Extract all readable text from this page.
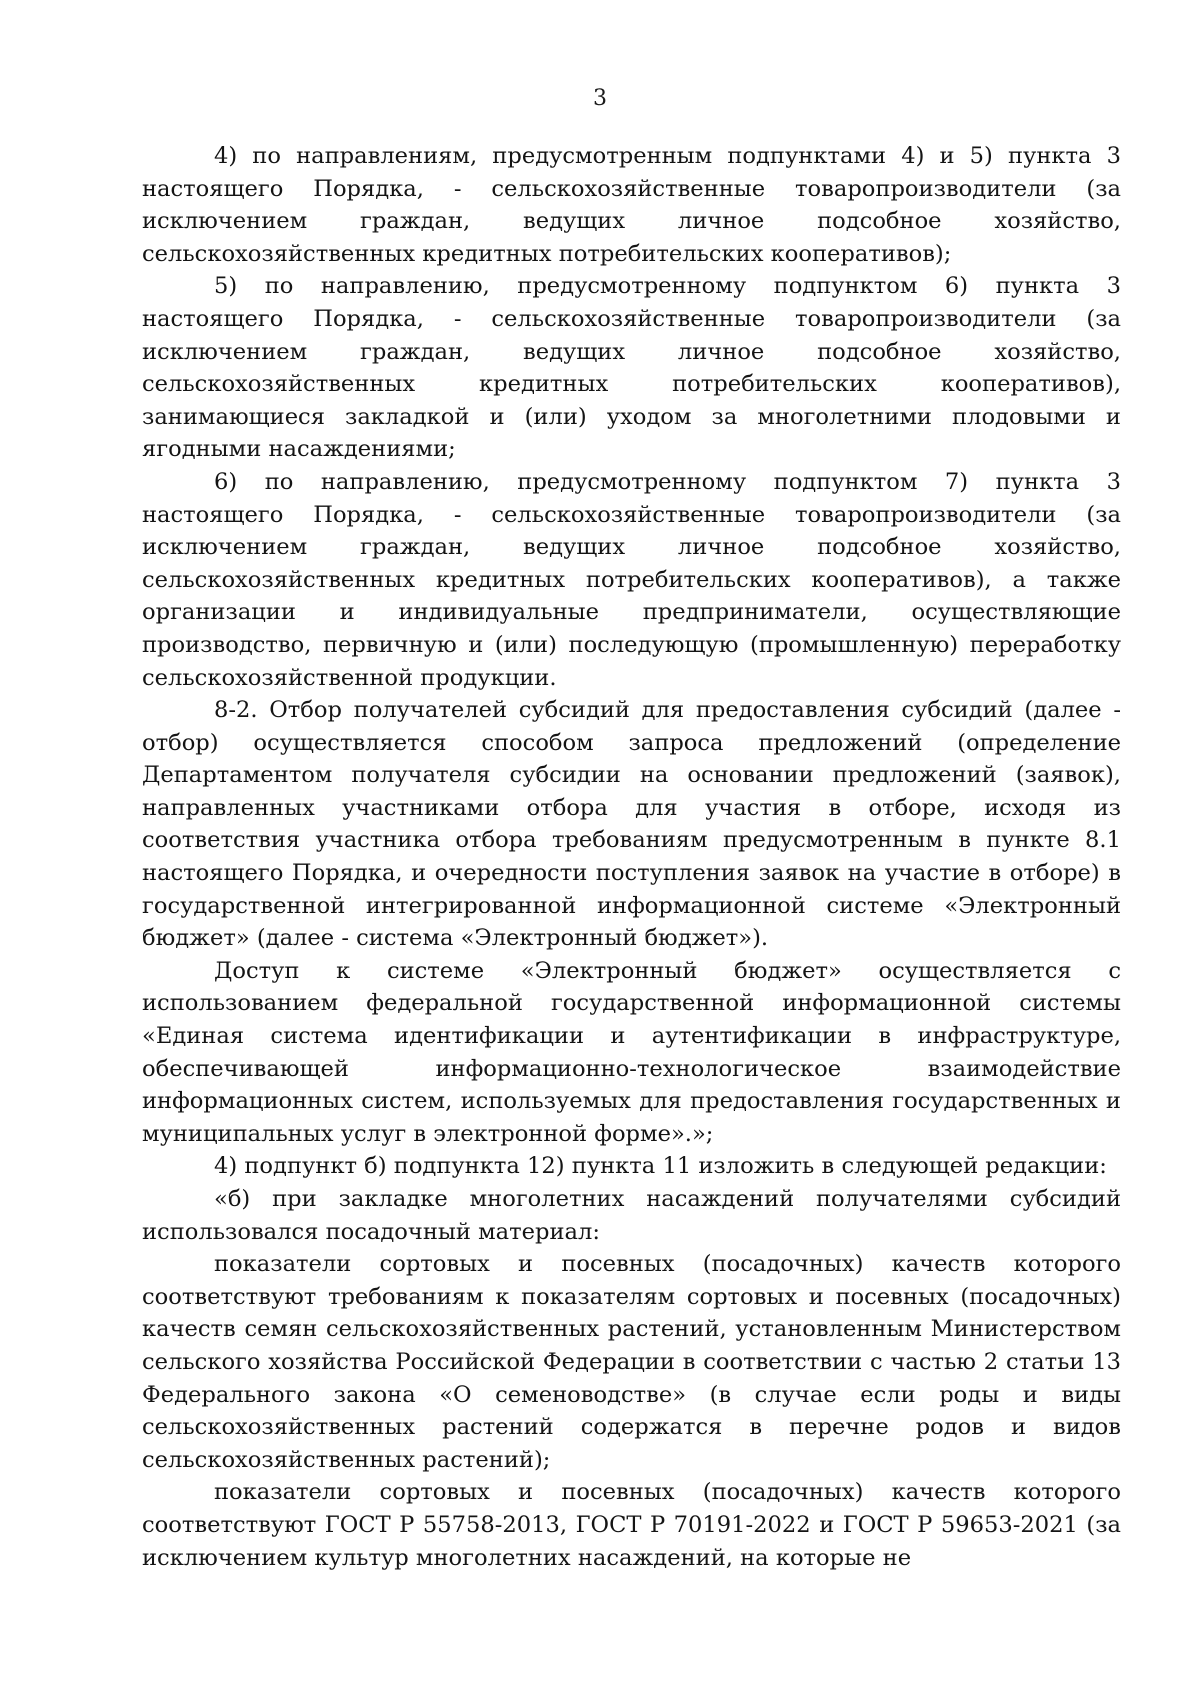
3

4) по направлениям, предусмотренным подпунктами 4) и 5) пункта 3 настоящего Порядка, - сельскохозяйственные товаропроизводители (за исключением граждан, ведущих личное подсобное хозяйство, сельскохозяйственных кредитных потребительских кооперативов);

5) по направлению, предусмотренному подпунктом 6) пункта 3 настоящего Порядка, - сельскохозяйственные товаропроизводители (за исключением граждан, ведущих личное подсобное хозяйство, сельскохозяйственных кредитных потребительских кооперативов), занимающиеся закладкой и (или) уходом за многолетними плодовыми и ягодными насаждениями;

6) по направлению, предусмотренному подпунктом 7) пункта 3 настоящего Порядка, - сельскохозяйственные товаропроизводители (за исключением граждан, ведущих личное подсобное хозяйство, сельскохозяйственных кредитных потребительских кооперативов), а также организации и индивидуальные предприниматели, осуществляющие производство, первичную и (или) последующую (промышленную) переработку сельскохозяйственной продукции.

8-2. Отбор получателей субсидий для предоставления субсидий (далее - отбор) осуществляется способом запроса предложений (определение Департаментом получателя субсидии на основании предложений (заявок), направленных участниками отбора для участия в отборе, исходя из соответствия участника отбора требованиям предусмотренным в пункте 8.1 настоящего Порядка, и очередности поступления заявок на участие в отборе) в государственной интегрированной информационной системе «Электронный бюджет» (далее - система «Электронный бюджет»).

Доступ к системе «Электронный бюджет» осуществляется с использованием федеральной государственной информационной системы «Единая система идентификации и аутентификации в инфраструктуре, обеспечивающей информационно-технологическое взаимодействие информационных систем, используемых для предоставления государственных и муниципальных услуг в электронной форме».»;

4) подпункт б) подпункта 12) пункта 11 изложить в следующей редакции:

«б) при закладке многолетних насаждений получателями субсидий использовался посадочный материал:

показатели сортовых и посевных (посадочных) качеств которого соответствуют требованиям к показателям сортовых и посевных (посадочных) качеств семян сельскохозяйственных растений, установленным Министерством сельского хозяйства Российской Федерации в соответствии с частью 2 статьи 13 Федерального закона «О семеноводстве» (в случае если роды и виды сельскохозяйственных растений содержатся в перечне родов и видов сельскохозяйственных растений);

показатели сортовых и посевных (посадочных) качеств которого соответствуют ГОСТ Р 55758-2013, ГОСТ Р 70191-2022 и ГОСТ Р 59653-2021 (за исключением культур многолетних насаждений, на которые не
